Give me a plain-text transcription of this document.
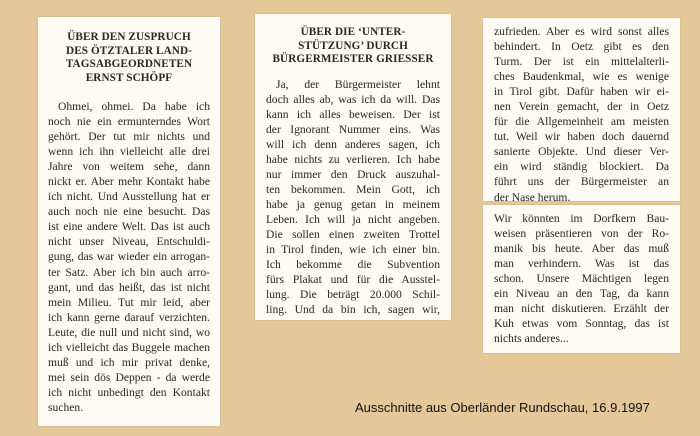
ÜBER DEN ZUSPRUCH
DES ÖTZTALER LAND-
TAGSABGEORDNETEN
ERNST SCHÖPF
Ohmei, ohmei. Da habe ich
noch nie ein ermunterndes Wort
gehört. Der tut mir nichts und
wenn ich ihn vielleicht alle drei
Jahre von weitem sehe, dann
nickt er. Aber mehr Kontakt habe
ich nicht. Und Ausstellung hat er
auch noch nie eine besucht. Das
ist eine andere Welt. Das ist auch
nicht unser Niveau, Entschuldi-
gung, das war wieder ein arrogan-
ter Satz. Aber ich bin auch arro-
gant, und das heißt, das ist nicht
mein Milieu. Tut mir leid, aber
ich kann gerne darauf verzichten.
Leute, die null und nicht sind, wo
ich vielleicht das Buggele machen
muß und ich mir privat denke,
mei sein dös Deppen - da werde
ich nicht unbedingt den Kontakt
suchen.
ÜBER DIE ‘UNTER-
STÜTZUNG’ DURCH
BÜRGERMEISTER GRIESSER
Ja, der Bürgermeister lehnt
doch alles ab, was ich da will. Das
kann ich alles beweisen. Der ist
der Ignorant Nummer eins. Was
will ich denn anderes sagen, ich
habe nichts zu verlieren. Ich habe
nur immer den Druck auszuhal-
ten bekommen. Mein Gott, ich
habe ja genug getan in meinem
Leben. Ich will ja nicht angeben.
Die sollen einen zweiten Trottel
in Tirol finden, wie ich einer bin.
Ich bekomme die Subvention
fürs Plakat und für die Ausstel-
lung. Die beträgt 20.000 Schil-
ling. Und da bin ich, sagen wir,
zufrieden. Aber es wird sonst alles
behindert. In Oetz gibt es den
Turm. Der ist ein mittelalterli-
ches Baudenkmal, wie es wenige
in Tirol gibt. Dafür haben wir ei-
nen Verein gemacht, der in Oetz
für die Allgemeinheit am meisten
tut. Weil wir haben doch dauernd
sanierte Objekte. Und dieser Ver-
ein wird ständig blockiert. Da
führt uns der Bürgermeister an
der Nase herum.
Wir könnten im Dorfkern Bau-
weisen präsentieren von der Ro-
manik bis heute. Aber das muß
man verhindern. Was ist das
schon. Unsere Mächtigen legen
ein Niveau an den Tag, da kann
man nicht diskutieren. Erzählt der
Kuh etwas vom Sonntag, das ist
nichts anderes...
Ausschnitte aus Oberländer Rundschau, 16.9.1997
